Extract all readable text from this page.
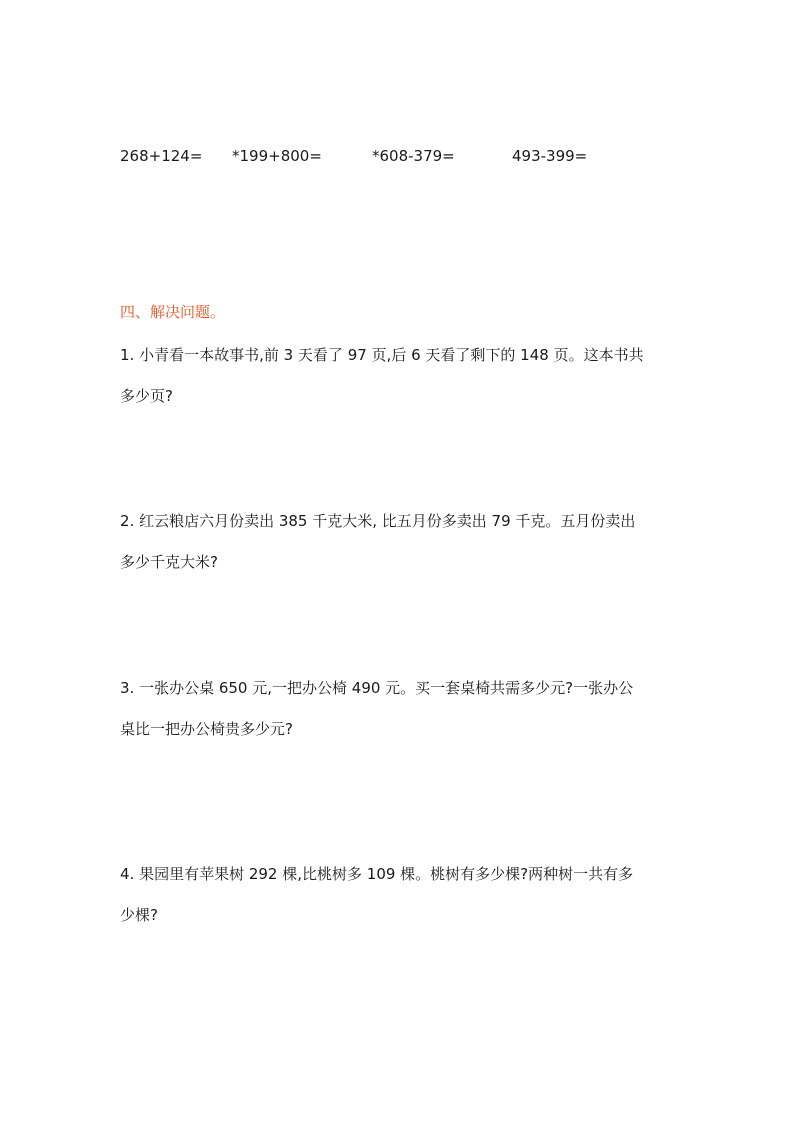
268+124= *199+800=	*608-379=	493-399=
四、解决问题。
1. 小青看一本故事书,前 3 天看了 97 页,后 6 天看了剩下的 148 页。这本书共
多少页?
2. 红云粮店六月份卖出 385 千克大米, 比五月份多卖出 79 千克。五月份卖出
多少千克大米?
3. 一张办公桌 650 元,一把办公椅 490 元。买一套桌椅共需多少元?一张办公
桌比一把办公椅贵多少元?
4. 果园里有苹果树 292 棵,比桃树多 109 棵。桃树有多少棵?两种树一共有多
少棵?
